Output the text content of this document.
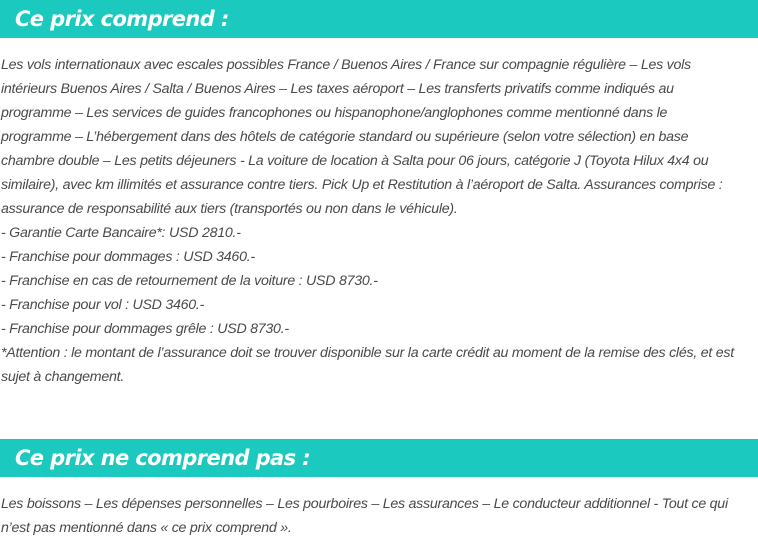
Ce prix comprend :

Les vols internationaux avec escales possibles France / Buenos Aires / France sur compagnie régulière – Les vols
intérieurs Buenos Aires / Salta / Buenos Aires – Les taxes aéroport – Les transferts privatifs comme indiqués au
programme – Les services de guides francophones ou hispanophone/anglophones comme mentionné dans le
programme – L’hébergement dans des hôtels de catégorie standard ou supérieure (selon votre sélection) en base
chambre double – Les petits déjeuners - La voiture de location à Salta pour 06 jours, catégorie J (Toyota Hilux 4x4 ou
similaire), avec km illimités et assurance contre tiers. Pick Up et Restitution à l’aéroport de Salta. Assurances comprise :
assurance de responsabilité aux tiers (transportés ou non dans le véhicule).

- Garantie Carte Bancaire*: USD 2810.-
- Franchise pour dommages : USD 3460.-
- Franchise en cas de retournement de la voiture : USD 8730.-
- Franchise pour vol : USD 3460.-
- Franchise pour dommages grêle : USD 8730.-

*Attention : le montant de l’assurance doit se trouver disponible sur la carte crédit au moment de la remise des clés, et est
sujet à changement.

Ce prix ne comprend pas :

Les boissons – Les dépenses personnelles – Les pourboires – Les assurances – Le conducteur additionnel - Tout ce qui
n’est pas mentionné dans « ce prix comprend ».
